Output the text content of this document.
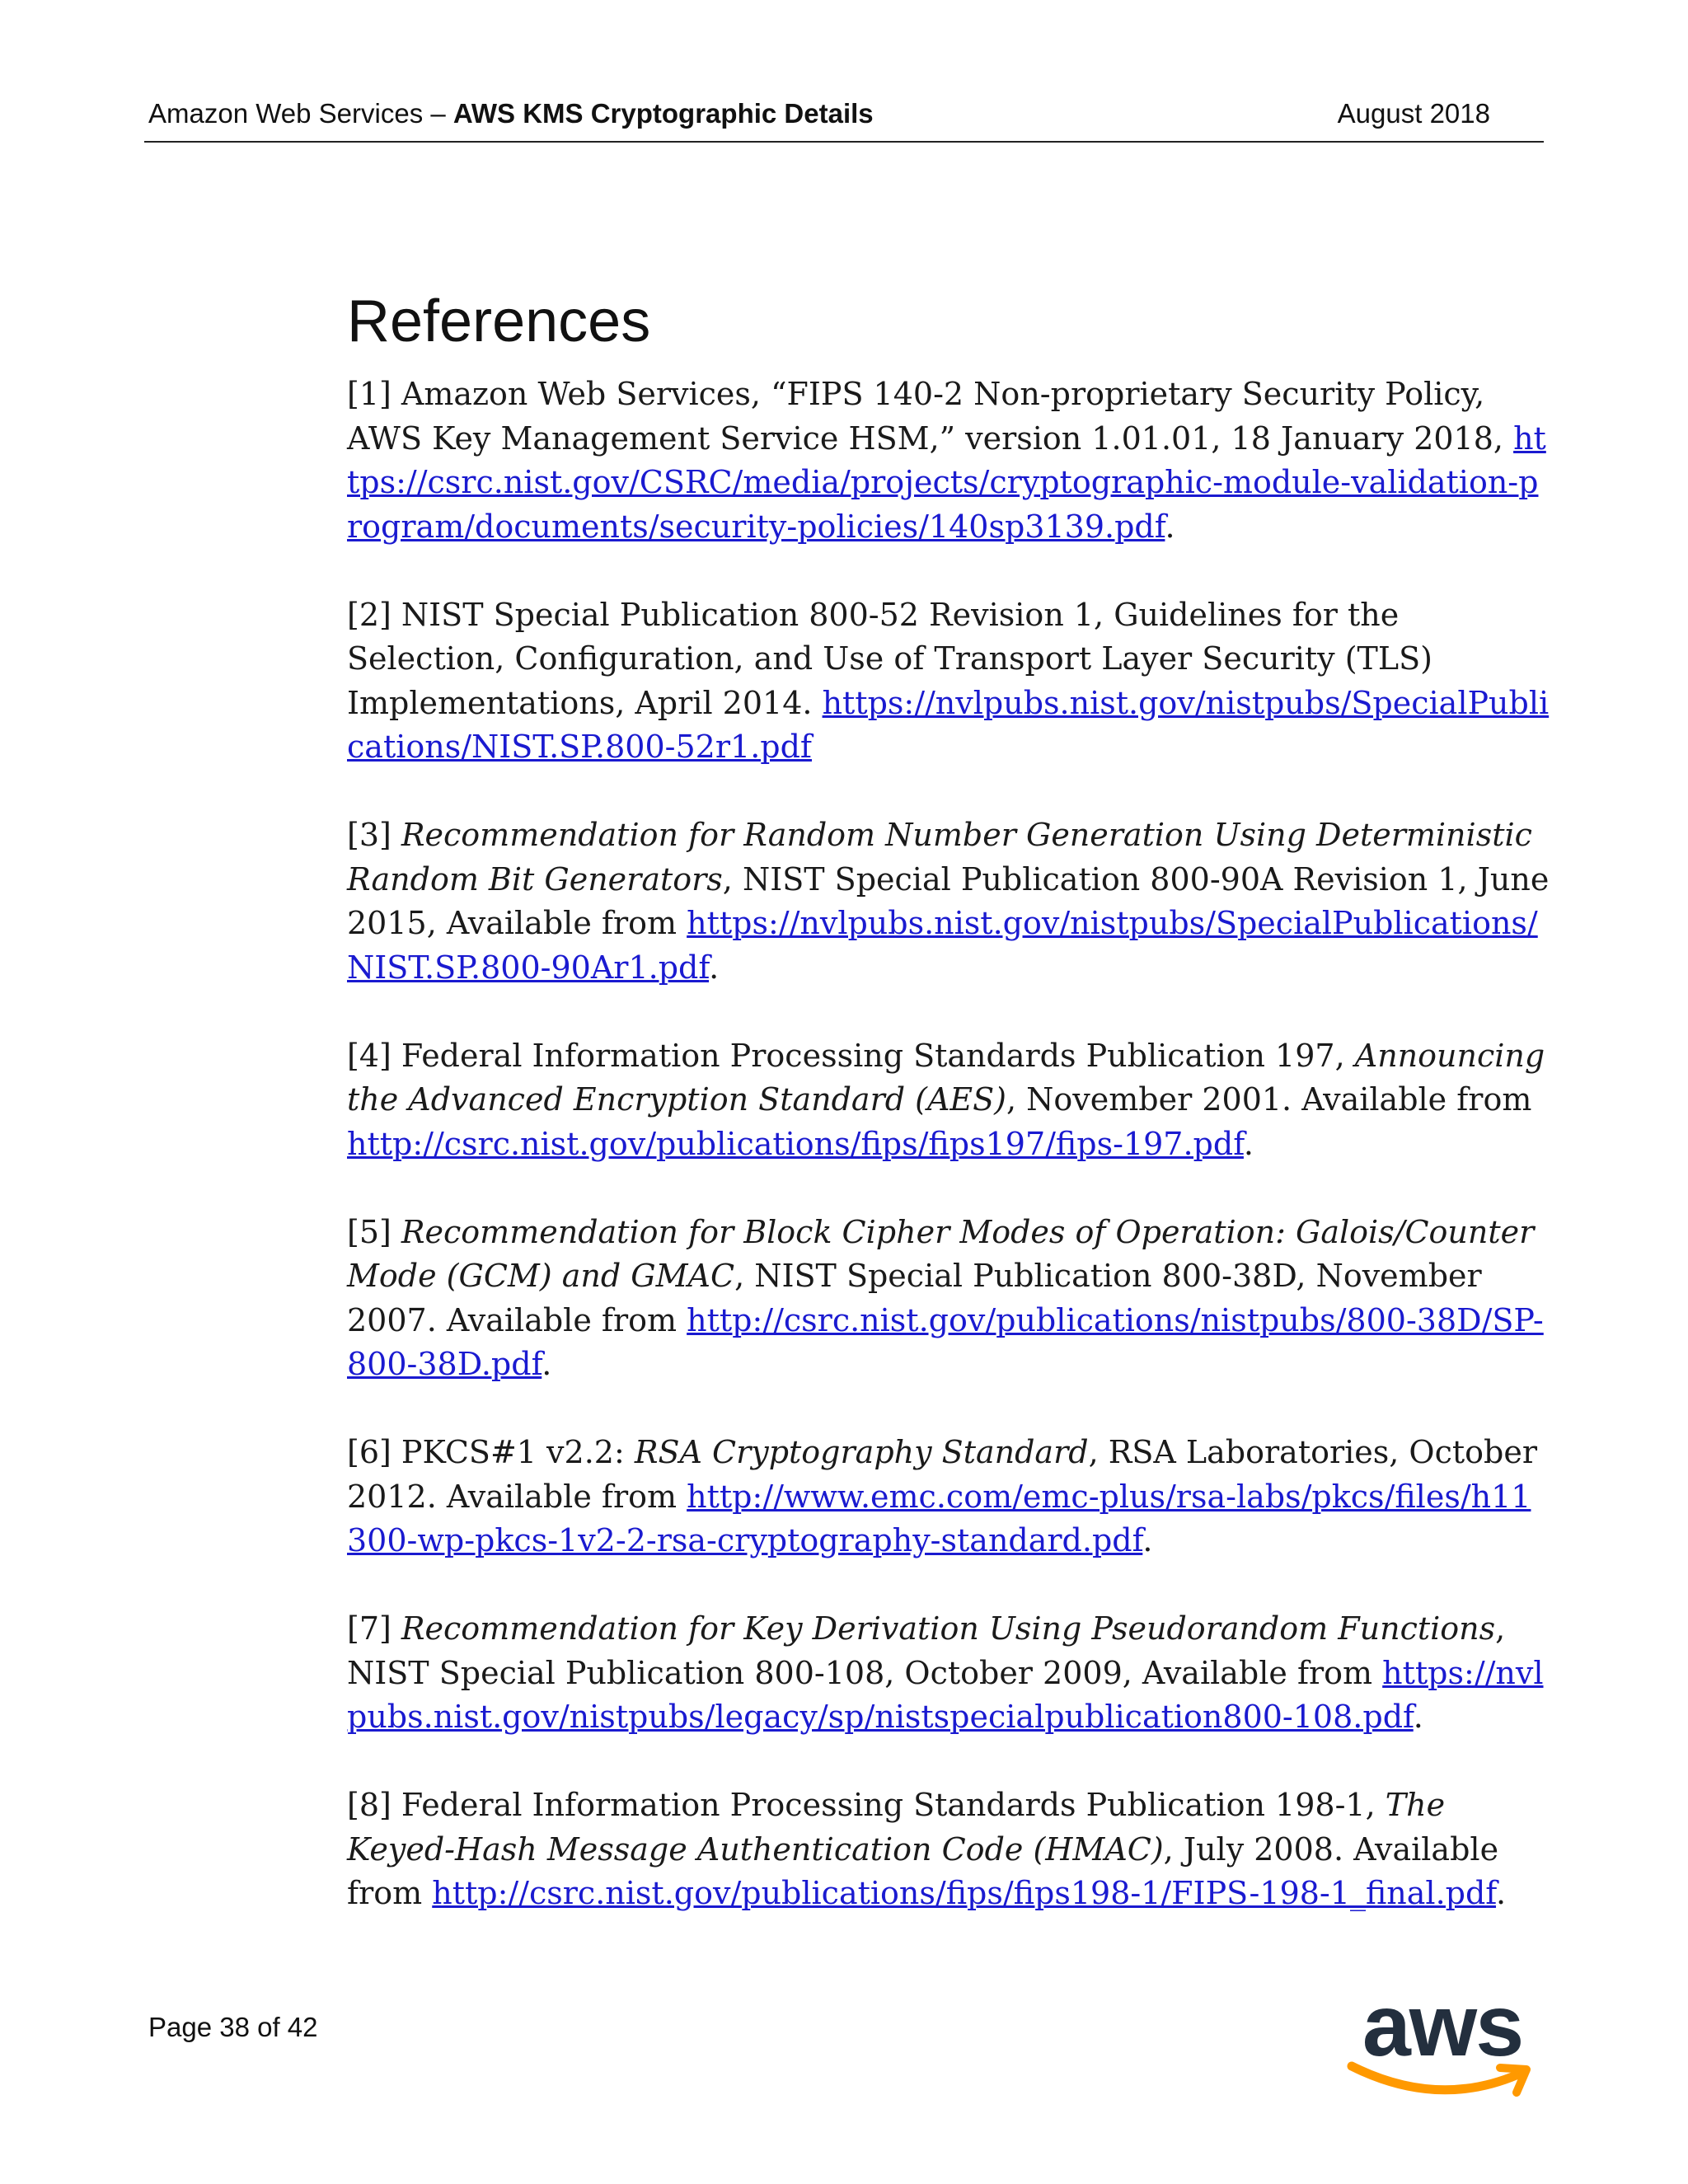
Amazon Web Services – AWS KMS Cryptographic Details	August 2018
References
[1] Amazon Web Services, “FIPS 140-2 Non-proprietary Security Policy, AWS Key Management Service HSM,” version 1.01.01, 18 January 2018, https://csrc.nist.gov/CSRC/media/projects/cryptographic-module-validation-program/documents/security-policies/140sp3139.pdf.
[2] NIST Special Publication 800-52 Revision 1, Guidelines for the Selection, Configuration, and Use of Transport Layer Security (TLS) Implementations, April 2014. https://nvlpubs.nist.gov/nistpubs/SpecialPublications/NIST.SP.800-52r1.pdf
[3] Recommendation for Random Number Generation Using Deterministic Random Bit Generators, NIST Special Publication 800-90A Revision 1, June 2015, Available from https://nvlpubs.nist.gov/nistpubs/SpecialPublications/NIST.SP.800-90Ar1.pdf.
[4] Federal Information Processing Standards Publication 197, Announcing the Advanced Encryption Standard (AES), November 2001. Available from http://csrc.nist.gov/publications/fips/fips197/fips-197.pdf.
[5] Recommendation for Block Cipher Modes of Operation: Galois/Counter Mode (GCM) and GMAC, NIST Special Publication 800-38D, November 2007. Available from http://csrc.nist.gov/publications/nistpubs/800-38D/SP-800-38D.pdf.
[6] PKCS#1 v2.2: RSA Cryptography Standard, RSA Laboratories, October 2012. Available from http://www.emc.com/emc-plus/rsa-labs/pkcs/files/h11300-wp-pkcs-1v2-2-rsa-cryptography-standard.pdf.
[7] Recommendation for Key Derivation Using Pseudorandom Functions, NIST Special Publication 800-108, October 2009, Available from https://nvlpubs.nist.gov/nistpubs/legacy/sp/nistspecialpublication800-108.pdf.
[8] Federal Information Processing Standards Publication 198-1, The Keyed-Hash Message Authentication Code (HMAC), July 2008. Available from http://csrc.nist.gov/publications/fips/fips198-1/FIPS-198-1_final.pdf.
Page 38 of 42	aws
